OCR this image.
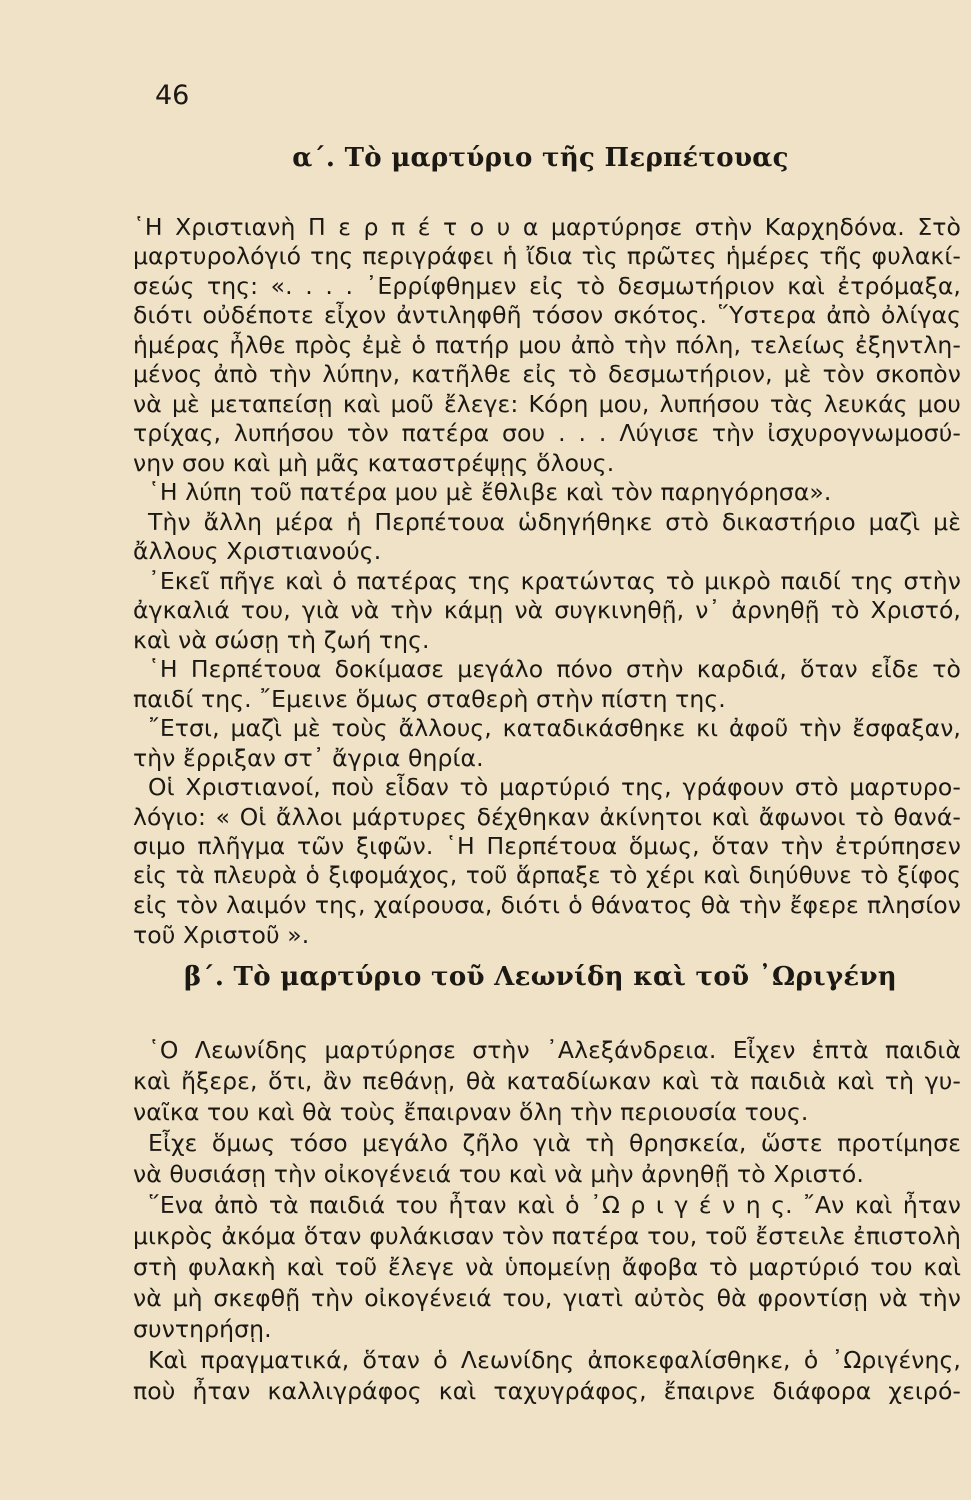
46
α΄. Τὸ μαρτύριο τῆς Περπέτουας
῾Η Χριστιανὴ Π ε ρ π έ τ ο υ α μαρτύρησε στὴν Καρχηδόνα. Στὸ
μαρτυρολόγιό της περιγράφει ἡ ἴδια τὶς πρῶτες ἡμέρες τῆς φυλακί-
σεώς της: «. . . . ᾿Ερρίφθημεν εἰς τὸ δεσμωτήριον καὶ ἐτρόμαξα,
διότι οὐδέποτε εἶχον ἀντιληφθῆ τόσον σκότος. ῞Υστερα ἀπὸ ὀλίγας
ἡμέρας ἦλθε πρὸς ἐμὲ ὁ πατήρ μου ἀπὸ τὴν πόλη, τελείως ἐξηντλη-
μένος ἀπὸ τὴν λύπην, κατῆλθε εἰς τὸ δεσμωτήριον, μὲ τὸν σκοπὸν
νὰ μὲ μεταπείσῃ καὶ μοῦ ἔλεγε: Κόρη μου, λυπήσου τὰς λευκάς μου
τρίχας, λυπήσου τὸν πατέρα σου . . . Λύγισε τὴν ἰσχυρογνωμοσύ-
νην σου καὶ μὴ μᾶς καταστρέψῃς ὅλους.
῾Η λύπη τοῦ πατέρα μου μὲ ἔθλιβε καὶ τὸν παρηγόρησα».
Τὴν ἄλλη μέρα ἡ Περπέτουα ὡδηγήθηκε στὸ δικαστήριο μαζὶ μὲ
ἄλλους Χριστιανούς.
᾿Εκεῖ πῆγε καὶ ὁ πατέρας της κρατώντας τὸ μικρὸ παιδί της στὴν
ἀγκαλιά του, γιὰ νὰ τὴν κάμῃ νὰ συγκινηθῇ, ν᾿ ἀρνηθῇ τὸ Χριστό,
καὶ νὰ σώσῃ τὴ ζωή της.
῾Η Περπέτουα δοκίμασε μεγάλο πόνο στὴν καρδιά, ὅταν εἶδε τὸ
παιδί της. ῎Εμεινε ὅμως σταθερὴ στὴν πίστη της.
῎Ετσι, μαζὶ μὲ τοὺς ἄλλους, καταδικάσθηκε κι ἀφοῦ τὴν ἔσφαξαν,
τὴν ἔρριξαν στ᾿ ἄγρια θηρία.
Οἱ Χριστιανοί, ποὺ εἶδαν τὸ μαρτύριό της, γράφουν στὸ μαρτυρο-
λόγιο: « Οἱ ἄλλοι μάρτυρες δέχθηκαν ἀκίνητοι καὶ ἄφωνοι τὸ θανά-
σιμο πλῆγμα τῶν ξιφῶν. ῾Η Περπέτουα ὅμως, ὅταν τὴν ἐτρύπησεν
εἰς τὰ πλευρὰ ὁ ξιφομάχος, τοῦ ἅρπαξε τὸ χέρι καὶ διηύθυνε τὸ ξίφος
εἰς τὸν λαιμόν της, χαίρουσα, διότι ὁ θάνατος θὰ τὴν ἔφερε πλησίον
τοῦ Χριστοῦ ».
β΄. Τὸ μαρτύριο τοῦ Λεωνίδη καὶ τοῦ ᾿Ωριγένη
῾Ο Λεωνίδης μαρτύρησε στὴν ᾿Αλεξάνδρεια. Εἶχεν ἑπτὰ παιδιὰ
καὶ ἤξερε, ὅτι, ἂν πεθάνῃ, θὰ καταδίωκαν καὶ τὰ παιδιὰ καὶ τὴ γυ-
ναῖκα του καὶ θὰ τοὺς ἔπαιρναν ὅλη τὴν περιουσία τους.
Εἶχε ὅμως τόσο μεγάλο ζῆλο γιὰ τὴ θρησκεία, ὥστε προτίμησε
νὰ θυσιάσῃ τὴν οἰκογένειά του καὶ νὰ μὴν ἀρνηθῇ τὸ Χριστό.
῞Ενα ἀπὸ τὰ παιδιά του ἦταν καὶ ὁ ᾿Ω ρ ι γ έ ν η ς. ῎Αν καὶ ἦταν
μικρὸς ἀκόμα ὅταν φυλάκισαν τὸν πατέρα του, τοῦ ἔστειλε ἐπιστολὴ
στὴ φυλακὴ καὶ τοῦ ἔλεγε νὰ ὑπομείνῃ ἄφοβα τὸ μαρτύριό του καὶ
νὰ μὴ σκεφθῇ τὴν οἰκογένειά του, γιατὶ αὐτὸς θὰ φροντίσῃ νὰ τὴν
συντηρήσῃ.
Καὶ πραγματικά, ὅταν ὁ Λεωνίδης ἀποκεφαλίσθηκε, ὁ ᾿Ωριγένης,
ποὺ ἦταν καλλιγράφος καὶ ταχυγράφος, ἔπαιρνε διάφορα χειρό-
